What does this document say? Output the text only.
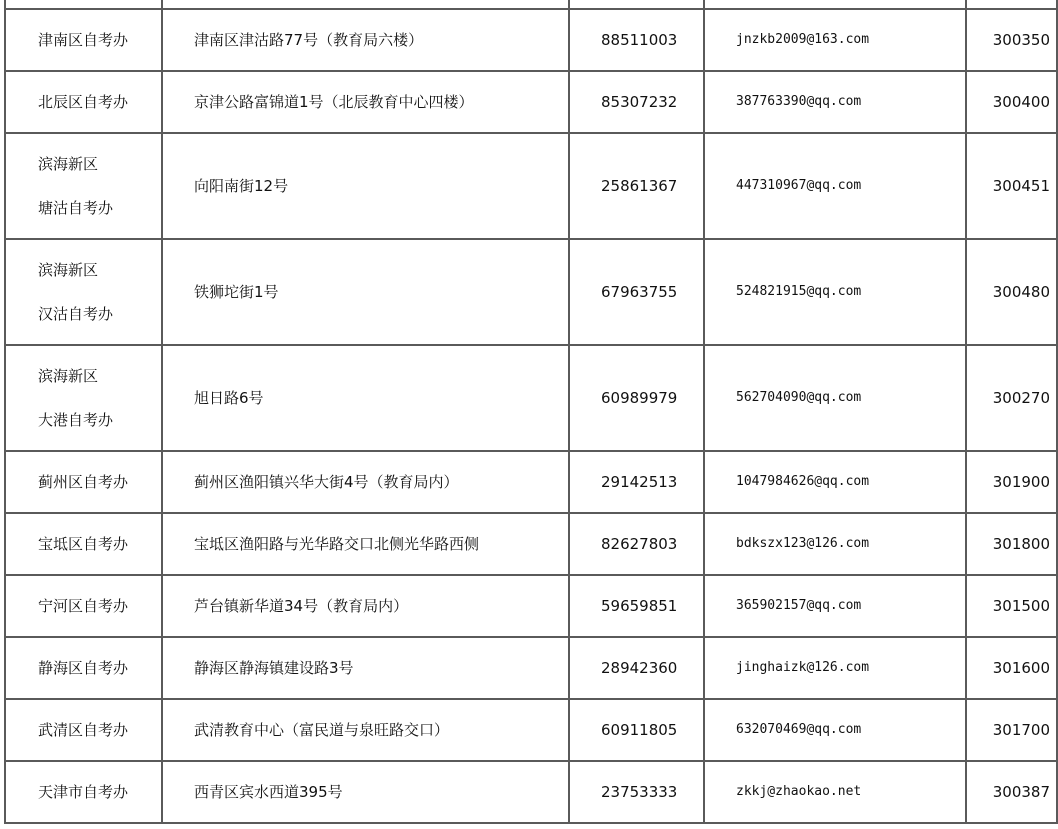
津南区自考办	津南区津沽路77号（教育局六楼）	88511003	jnzkb2009@163.com	300350
北辰区自考办	京津公路富锦道1号（北辰教育中心四楼）	85307232	387763390@qq.com	300400

滨海新区
塘沽自考办	向阳南街12号	25861367	447310967@qq.com	300451

滨海新区
汉沽自考办	铁狮坨街1号	67963755	524821915@qq.com	300480

滨海新区
大港自考办	旭日路6号	60989979	562704090@qq.com	300270
蓟州区自考办	蓟州区渔阳镇兴华大街4号（教育局内）	29142513	1047984626@qq.com	301900
宝坻区自考办	宝坻区渔阳路与光华路交口北侧光华路西侧	82627803	bdkszx123@126.com	301800
宁河区自考办	芦台镇新华道34号（教育局内）	59659851	365902157@qq.com	301500
静海区自考办	静海区静海镇建设路3号	28942360	jinghaizk@126.com	301600
武清区自考办	武清教育中心（富民道与泉旺路交口）	60911805	632070469@qq.com	301700
天津市自考办	西青区宾水西道395号	23753333	zkkj@zhaokao.net	300387
